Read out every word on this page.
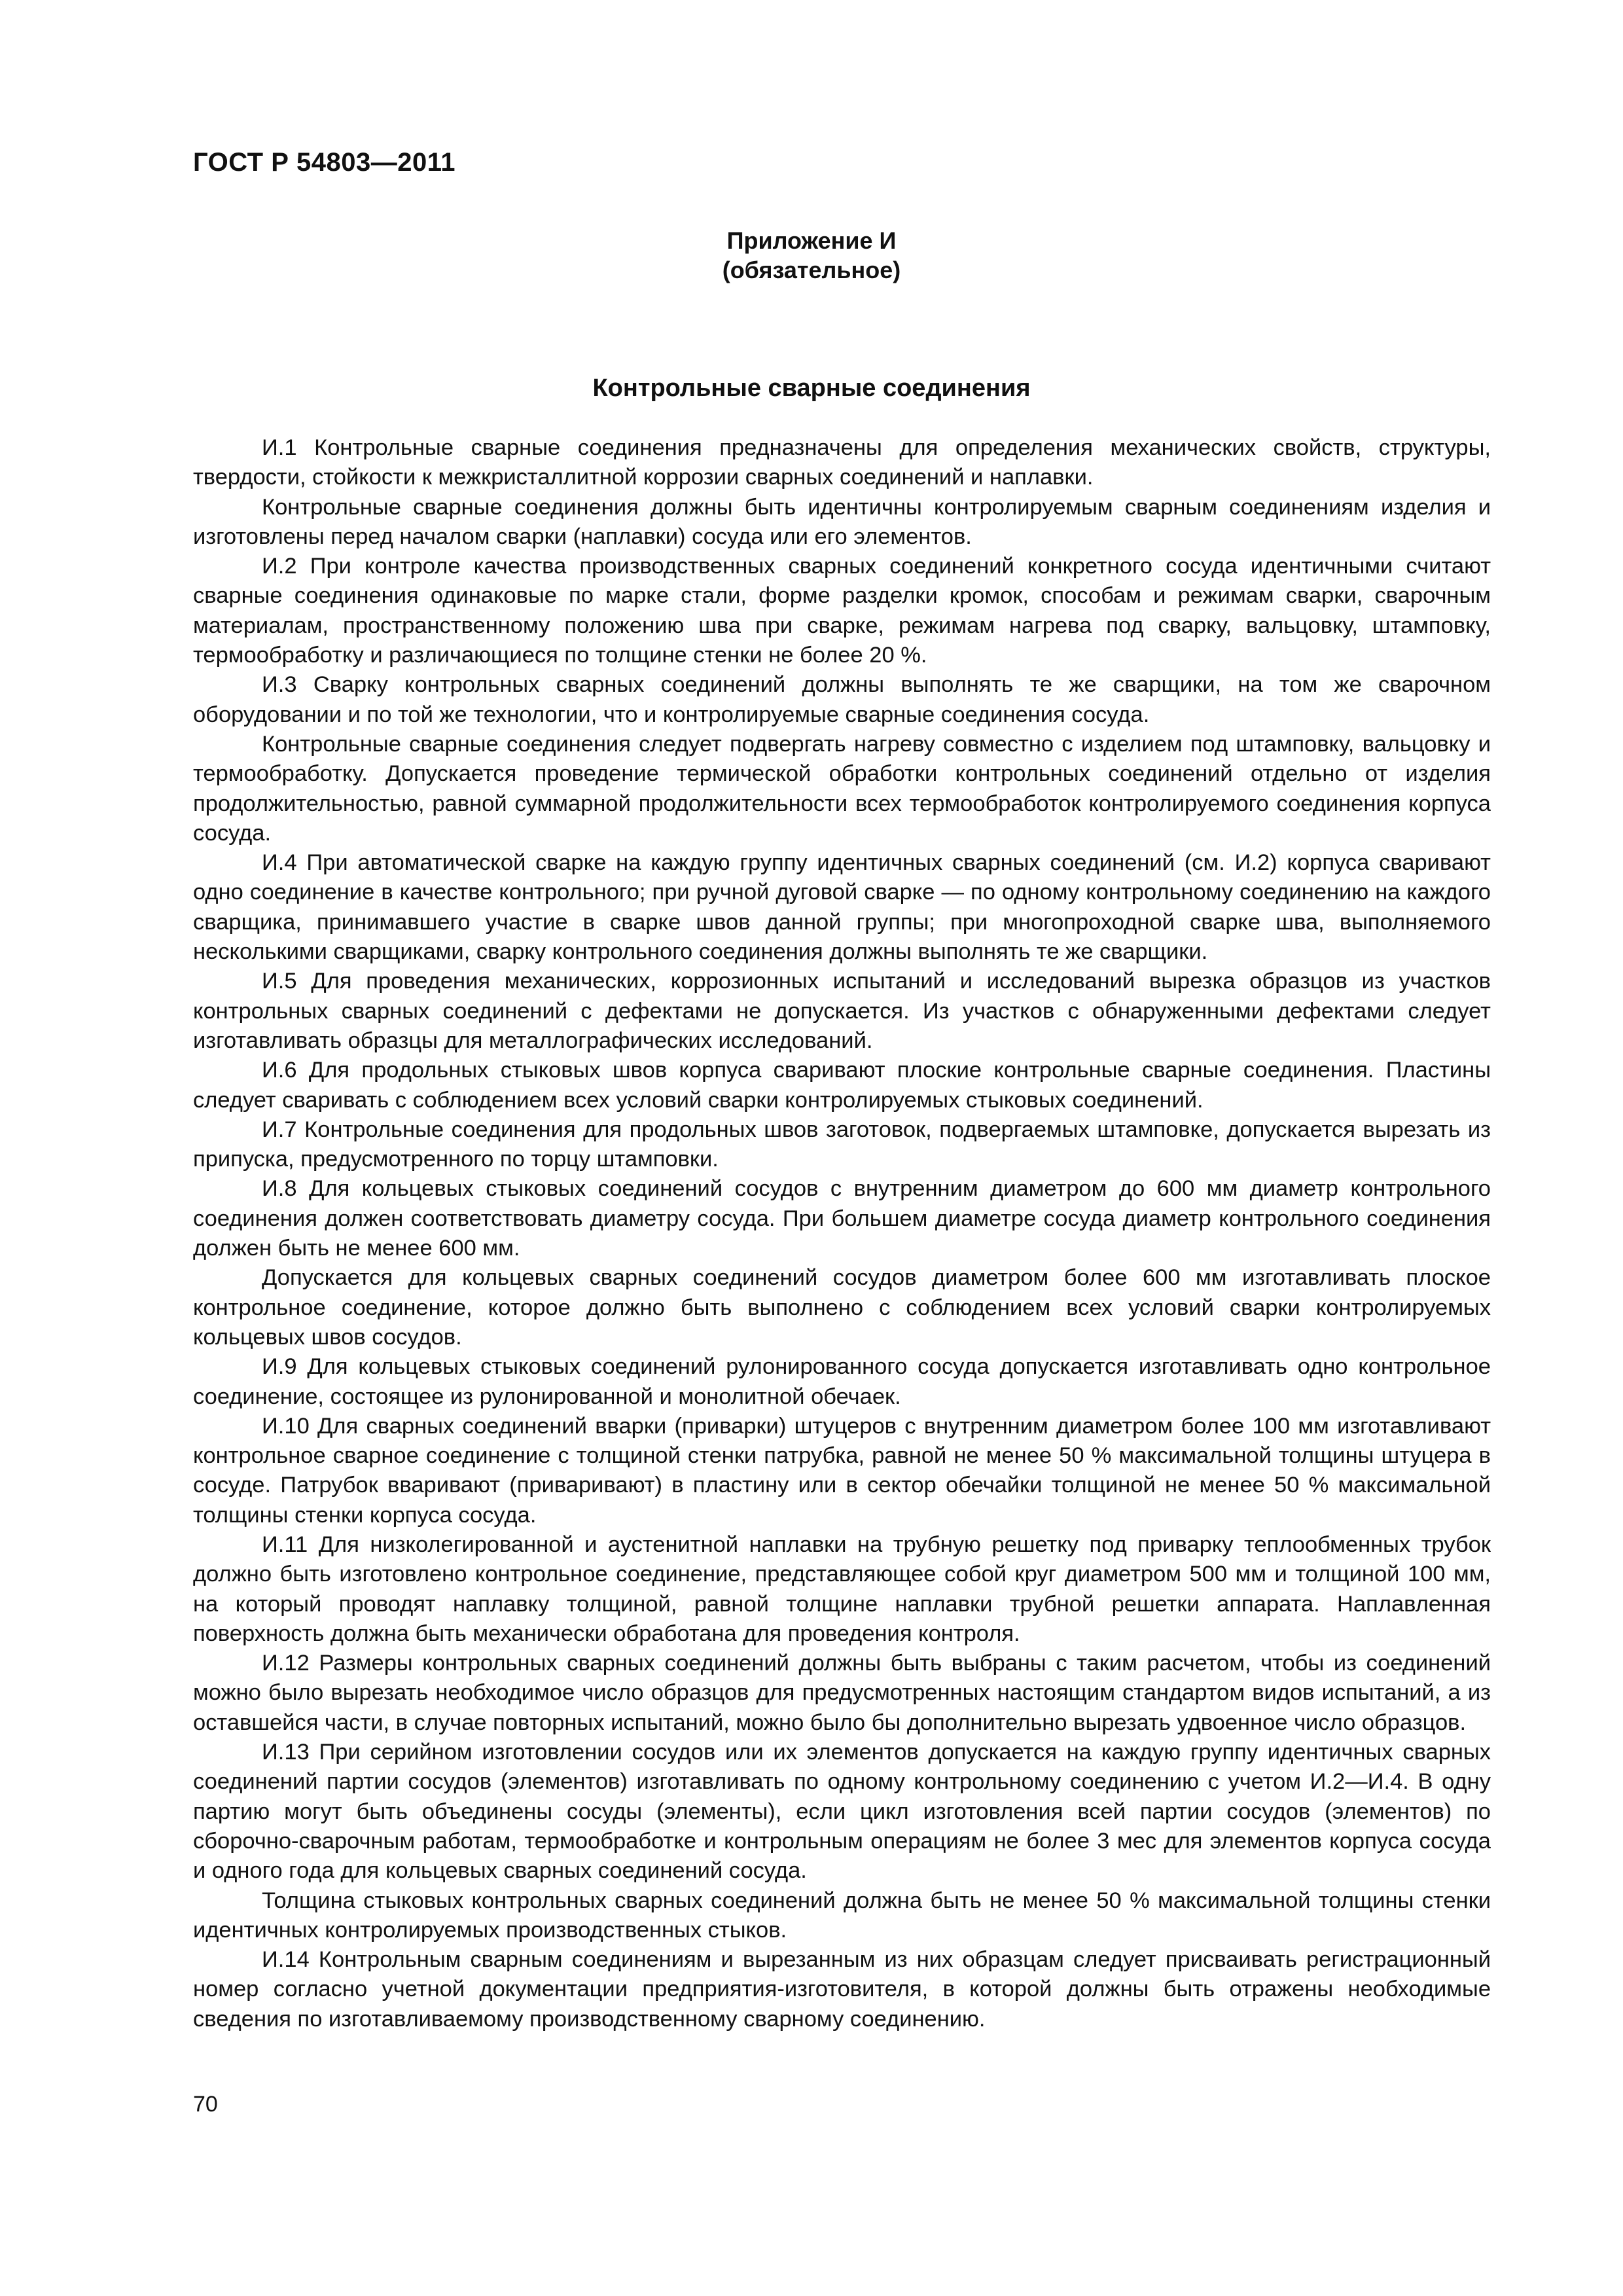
ГОСТ Р 54803—2011
Приложение И
(обязательное)
Контрольные сварные соединения

И.1 Контрольные сварные соединения предназначены для определения механических свойств, структуры, твердости, стойкости к межкристаллитной коррозии сварных соединений и наплавки.

Контрольные сварные соединения должны быть идентичны контролируемым сварным соединениям изделия и изготовлены перед началом сварки (наплавки) сосуда или его элементов.

И.2 При контроле качества производственных сварных соединений конкретного сосуда идентичными считают сварные соединения одинаковые по марке стали, форме разделки кромок, способам и режимам сварки, сварочным материалам, пространственному положению шва при сварке, режимам нагрева под сварку, вальцовку, штамповку, термообработку и различающиеся по толщине стенки не более 20 %.

И.3 Сварку контрольных сварных соединений должны выполнять те же сварщики, на том же сварочном оборудовании и по той же технологии, что и контролируемые сварные соединения сосуда.

Контрольные сварные соединения следует подвергать нагреву совместно с изделием под штамповку, вальцовку и термообработку. Допускается проведение термической обработки контрольных соединений отдельно от изделия продолжительностью, равной суммарной продолжительности всех термообработок контролируемого соединения корпуса сосуда.

И.4 При автоматической сварке на каждую группу идентичных сварных соединений (см. И.2) корпуса сваривают одно соединение в качестве контрольного; при ручной дуговой сварке — по одному контрольному соединению на каждого сварщика, принимавшего участие в сварке швов данной группы; при многопроходной сварке шва, выполняемого несколькими сварщиками, сварку контрольного соединения должны выполнять те же сварщики.

И.5 Для проведения механических, коррозионных испытаний и исследований вырезка образцов из участков контрольных сварных соединений с дефектами не допускается. Из участков с обнаруженными дефектами следует изготавливать образцы для металлографических исследований.

И.6 Для продольных стыковых швов корпуса сваривают плоские контрольные сварные соединения. Пластины следует сваривать с соблюдением всех условий сварки контролируемых стыковых соединений.

И.7 Контрольные соединения для продольных швов заготовок, подвергаемых штамповке, допускается вырезать из припуска, предусмотренного по торцу штамповки.

И.8 Для кольцевых стыковых соединений сосудов с внутренним диаметром до 600 мм диаметр контрольного соединения должен соответствовать диаметру сосуда. При большем диаметре сосуда диаметр контрольного соединения должен быть не менее 600 мм.

Допускается для кольцевых сварных соединений сосудов диаметром более 600 мм изготавливать плоское контрольное соединение, которое должно быть выполнено с соблюдением всех условий сварки контролируемых кольцевых швов сосудов.

И.9 Для кольцевых стыковых соединений рулонированного сосуда допускается изготавливать одно контрольное соединение, состоящее из рулонированной и монолитной обечаек.

И.10 Для сварных соединений вварки (приварки) штуцеров с внутренним диаметром более 100 мм изготавливают контрольное сварное соединение с толщиной стенки патрубка, равной не менее 50 % максимальной толщины штуцера в сосуде. Патрубок вваривают (приваривают) в пластину или в сектор обечайки толщиной не менее 50 % максимальной толщины стенки корпуса сосуда.

И.11 Для низколегированной и аустенитной наплавки на трубную решетку под приварку теплообменных трубок должно быть изготовлено контрольное соединение, представляющее собой круг диаметром 500 мм и толщиной 100 мм, на который проводят наплавку толщиной, равной толщине наплавки трубной решетки аппарата. Наплавленная поверхность должна быть механически обработана для проведения контроля.

И.12 Размеры контрольных сварных соединений должны быть выбраны с таким расчетом, чтобы из соединений можно было вырезать необходимое число образцов для предусмотренных настоящим стандартом видов испытаний, а из оставшейся части, в случае повторных испытаний, можно было бы дополнительно вырезать удвоенное число образцов.

И.13 При серийном изготовлении сосудов или их элементов допускается на каждую группу идентичных сварных соединений партии сосудов (элементов) изготавливать по одному контрольному соединению с учетом И.2—И.4. В одну партию могут быть объединены сосуды (элементы), если цикл изготовления всей партии сосудов (элементов) по сборочно-сварочным работам, термообработке и контрольным операциям не более 3 мес для элементов корпуса сосуда и одного года для кольцевых сварных соединений сосуда.

Толщина стыковых контрольных сварных соединений должна быть не менее 50 % максимальной толщины стенки идентичных контролируемых производственных стыков.

И.14 Контрольным сварным соединениям и вырезанным из них образцам следует присваивать регистрационный номер согласно учетной документации предприятия-изготовителя, в которой должны быть отражены необходимые сведения по изготавливаемому производственному сварному соединению.

70
